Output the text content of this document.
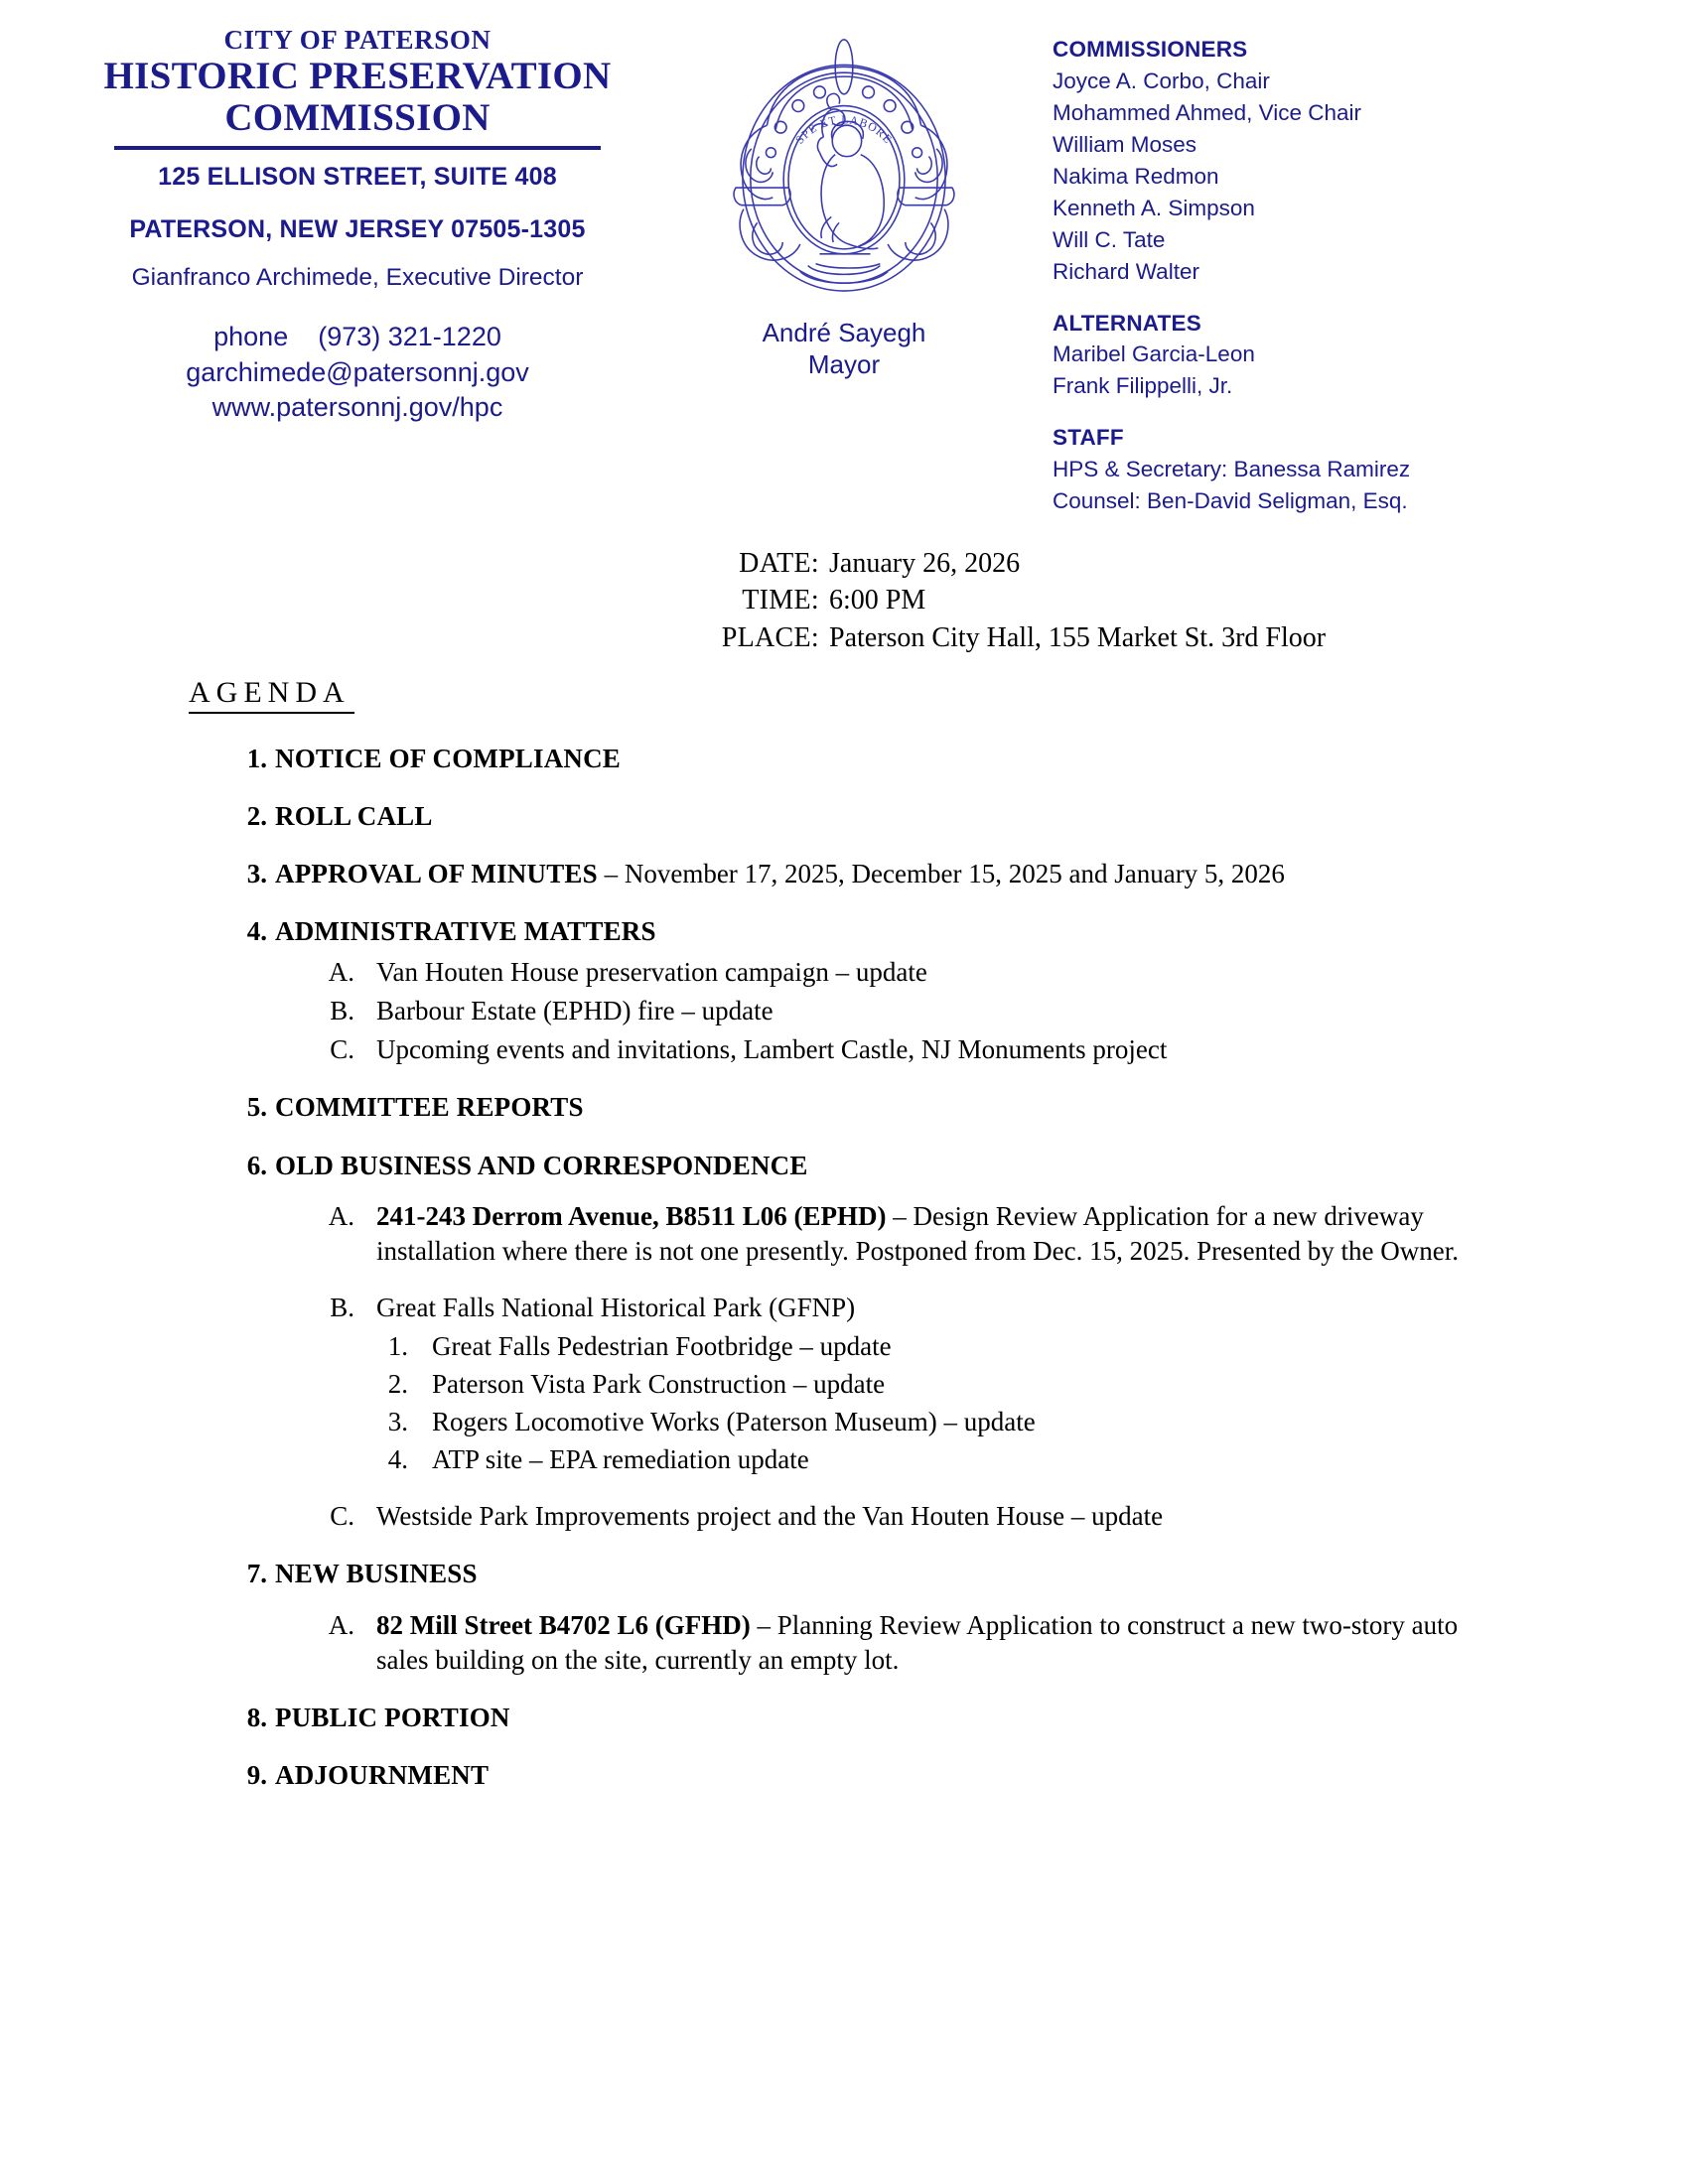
CITY OF PATERSON
HISTORIC PRESERVATION
COMMISSION
125 ELLISON STREET, SUITE 408
PATERSON, NEW JERSEY 07505-1305
Gianfranco Archimede, Executive Director
phone (973) 321-1220
garchimede@patersonnj.gov
www.patersonnj.gov/hpc
SPE ET LABORE
André Sayegh
Mayor
COMMISSIONERS
Joyce A. Corbo, Chair
Mohammed Ahmed, Vice Chair
William Moses
Nakima Redmon
Kenneth A. Simpson
Will C. Tate
Richard Walter
ALTERNATES
Maribel Garcia-Leon
Frank Filippelli, Jr.
STAFF
HPS & Secretary: Banessa Ramirez
Counsel: Ben-David Seligman, Esq.
DATE: January 26, 2026
TIME: 6:00 PM
PLACE: Paterson City Hall, 155 Market St. 3rd Floor
AGENDA
1. NOTICE OF COMPLIANCE
2. ROLL CALL
3. APPROVAL OF MINUTES – November 17, 2025, December 15, 2025 and January 5, 2026
4. ADMINISTRATIVE MATTERS
A. Van Houten House preservation campaign – update
B. Barbour Estate (EPHD) fire – update
C. Upcoming events and invitations, Lambert Castle, NJ Monuments project
5. COMMITTEE REPORTS
6. OLD BUSINESS AND CORRESPONDENCE
A. 241-243 Derrom Avenue, B8511 L06 (EPHD) – Design Review Application for a new driveway installation where there is not one presently. Postponed from Dec. 15, 2025. Presented by the Owner.
B. Great Falls National Historical Park (GFNP)
1. Great Falls Pedestrian Footbridge – update
2. Paterson Vista Park Construction – update
3. Rogers Locomotive Works (Paterson Museum) – update
4. ATP site – EPA remediation update
C. Westside Park Improvements project and the Van Houten House – update
7. NEW BUSINESS
A. 82 Mill Street B4702 L6 (GFHD) – Planning Review Application to construct a new two-story auto sales building on the site, currently an empty lot.
8. PUBLIC PORTION
9. ADJOURNMENT
